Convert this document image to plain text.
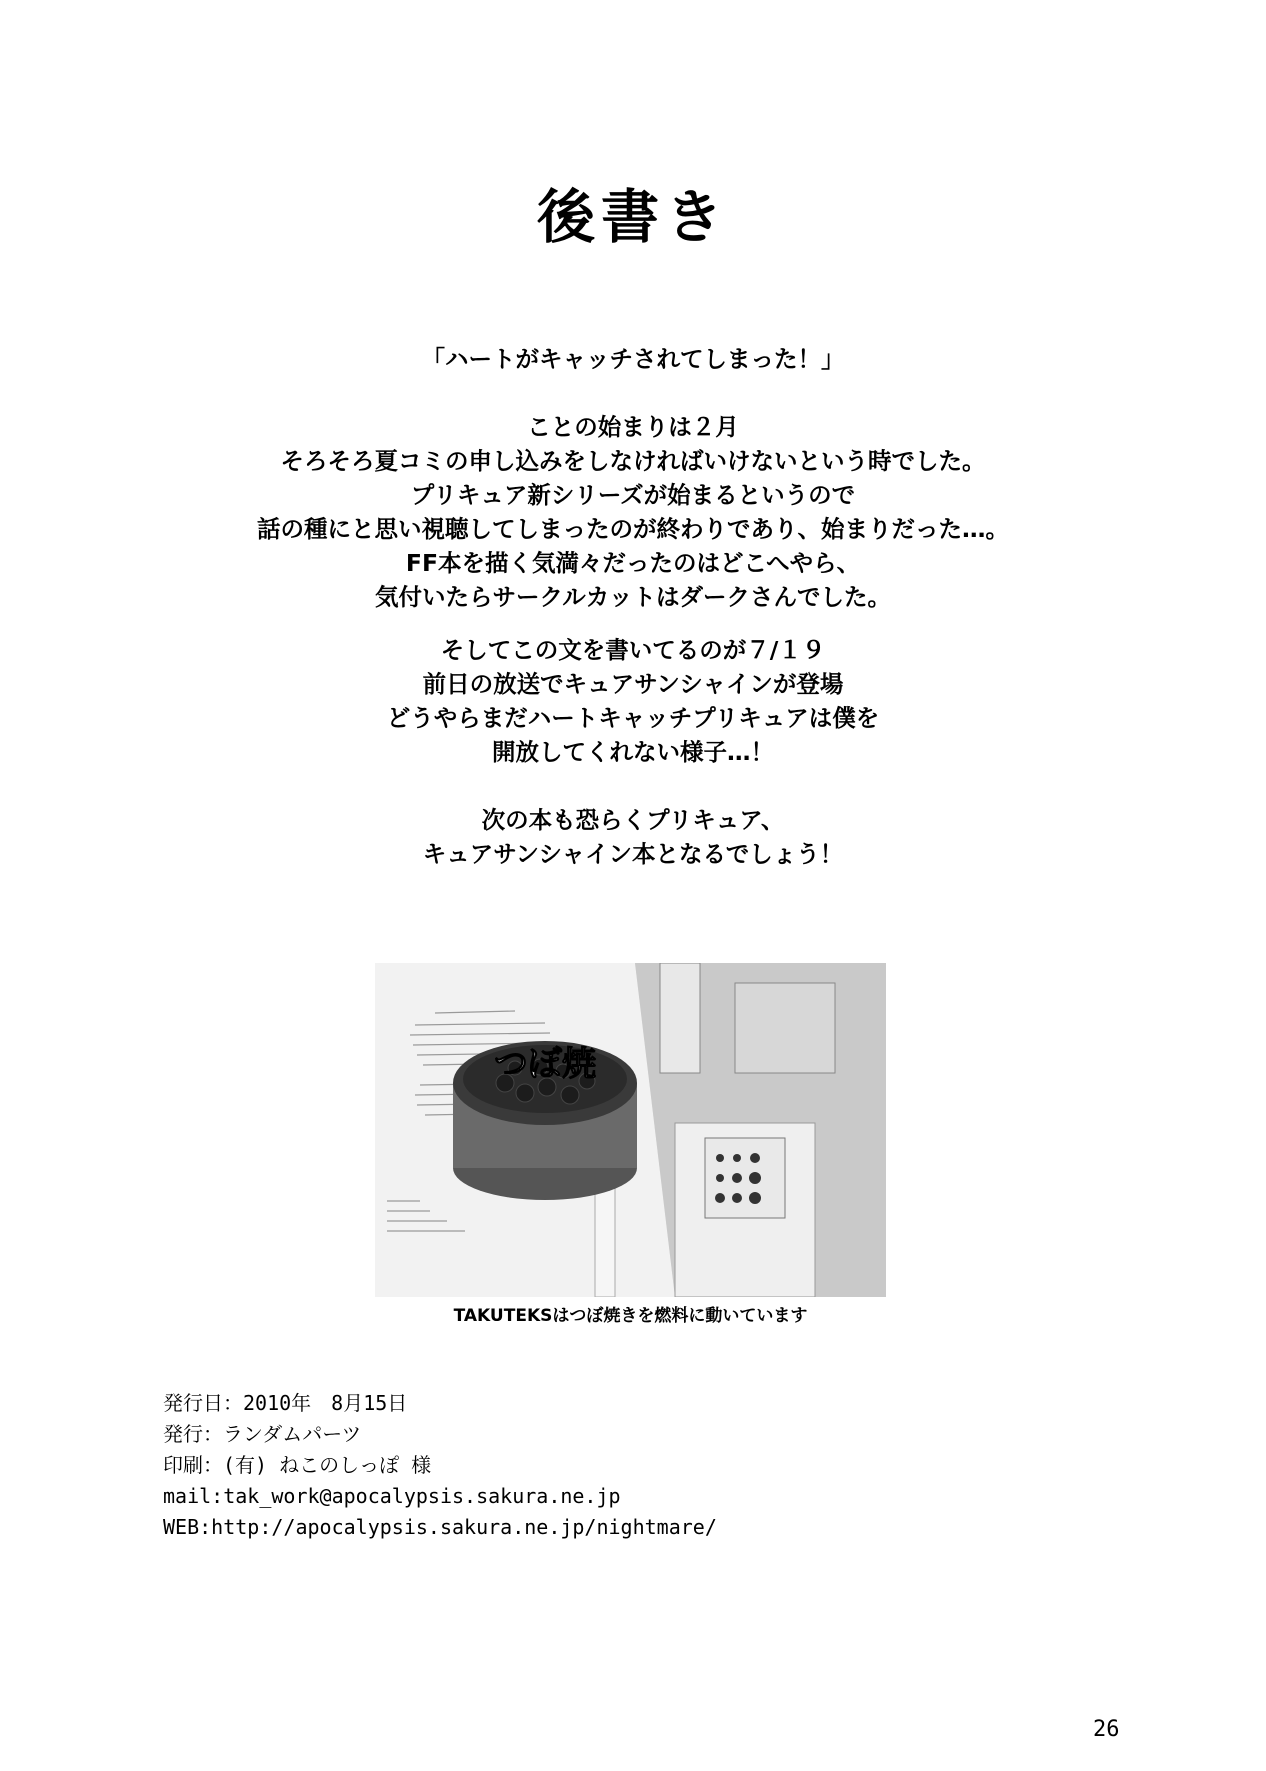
後書き
「ハートがキャッチされてしまった！」

ことの始まりは２月
そろそろ夏コミの申し込みをしなければいけないという時でした。
プリキュア新シリーズが始まるというので
話の種にと思い視聴してしまったのが終わりであり、始まりだった…。
FF本を描く気満々だったのはどこへやら、
気付いたらサークルカットはダークさんでした。
そしてこの文を書いてるのが７/１９
前日の放送でキュアサンシャインが登場
どうやらまだハートキャッチプリキュアは僕を
開放してくれない様子…！

次の本も恐らくプリキュア、
キュアサンシャイン本となるでしょう！
つぼ焼
TAKUTEKSはつぼ焼きを燃料に動いています
発行日：2010年　8月15日
発行：ランダムパーツ
印刷：(有) ねこのしっぽ 様
mail:tak_work@apocalypsis.sakura.ne.jp
WEB:http://apocalypsis.sakura.ne.jp/nightmare/
26
